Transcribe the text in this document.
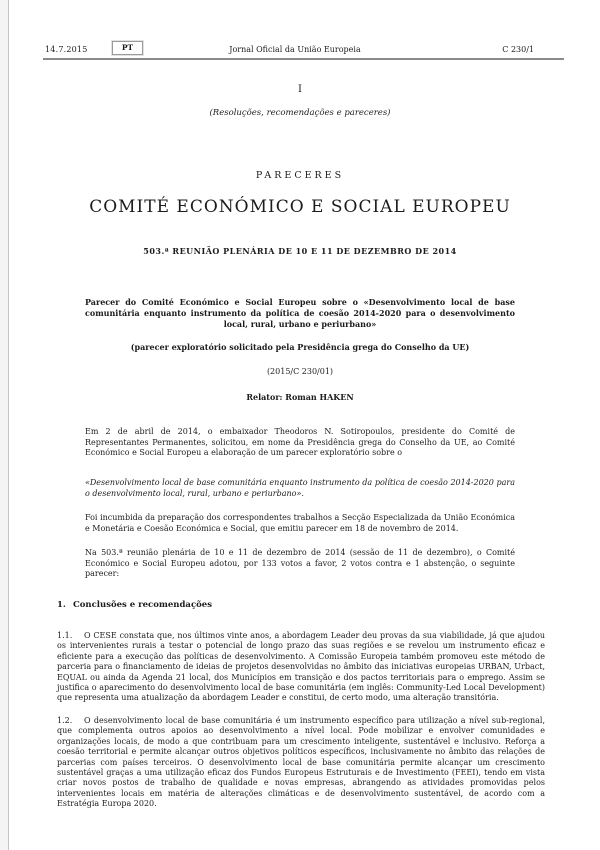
Jornal Oficial da União Europeia
14.7.2015	PT	C 230/1
I
(Resoluções, recomendações e pareceres)
PARECERES
COMITÉ ECONÓMICO E SOCIAL EUROPEU
503.ª REUNIÃO PLENÁRIA DE 10 E 11 DE DEZEMBRO DE 2014
Parecer do Comité Económico e Social Europeu sobre o «Desenvolvimento local de base comunitária enquanto instrumento da política de coesão 2014-2020 para o desenvolvimento local, rural, urbano e periurbano»
(parecer exploratório solicitado pela Presidência grega do Conselho da UE)
(2015/C 230/01)
Relator: Roman HAKEN

Em 2 de abril de 2014, o embaixador Theodoros N. Sotiropoulos, presidente do Comité de Representantes Permanentes, solicitou, em nome da Presidência grega do Conselho da UE, ao Comité Económico e Social Europeu a elaboração de um parecer exploratório sobre o

«Desenvolvimento local de base comunitária enquanto instrumento da política de coesão 2014-2020 para o desenvolvimento local, rural, urbano e periurbano».

Foi incumbida da preparação dos correspondentes trabalhos a Secção Especializada da União Económica e Monetária e Coesão Económica e Social, que emitiu parecer em 18 de novembro de 2014.

Na 503.ª reunião plenária de 10 e 11 de dezembro de 2014 (sessão de 11 de dezembro), o Comité Económico e Social Europeu adotou, por 133 votos a favor, 2 votos contra e 1 abstenção, o seguinte parecer:

1. Conclusões e recomendações

1.1. O CESE constata que, nos últimos vinte anos, a abordagem Leader deu provas da sua viabilidade, já que ajudou os intervenientes rurais a testar o potencial de longo prazo das suas regiões e se revelou um instrumento eficaz e eficiente para a execução das políticas de desenvolvimento. A Comissão Europeia também promoveu este método de parceria para o financiamento de ideias de projetos desenvolvidas no âmbito das iniciativas europeias URBAN, Urbact, EQUAL ou ainda da Agenda 21 local, dos Municípios em transição e dos pactos territoriais para o emprego. Assim se justifica o aparecimento do desenvolvimento local de base comunitária (em inglês: Community-Led Local Development) que representa uma atualização da abordagem Leader e constitui, de certo modo, uma alteração transitória.

1.2. O desenvolvimento local de base comunitária é um instrumento específico para utilização a nível sub-regional, que complementa outros apoios ao desenvolvimento a nível local. Pode mobilizar e envolver comunidades e organizações locais, de modo a que contribuam para um crescimento inteligente, sustentável e inclusivo. Reforça a coesão territorial e permite alcançar outros objetivos políticos específicos, inclusivamente no âmbito das relações de parcerias com países terceiros. O desenvolvimento local de base comunitária permite alcançar um crescimento sustentável graças a uma utilização eficaz dos Fundos Europeus Estruturais e de Investimento (FEEI), tendo em vista criar novos postos de trabalho de qualidade e novas empresas, abrangendo as atividades promovidas pelos intervenientes locais em matéria de alterações climáticas e de desenvolvimento sustentável, de acordo com a Estratégia Europa 2020.
